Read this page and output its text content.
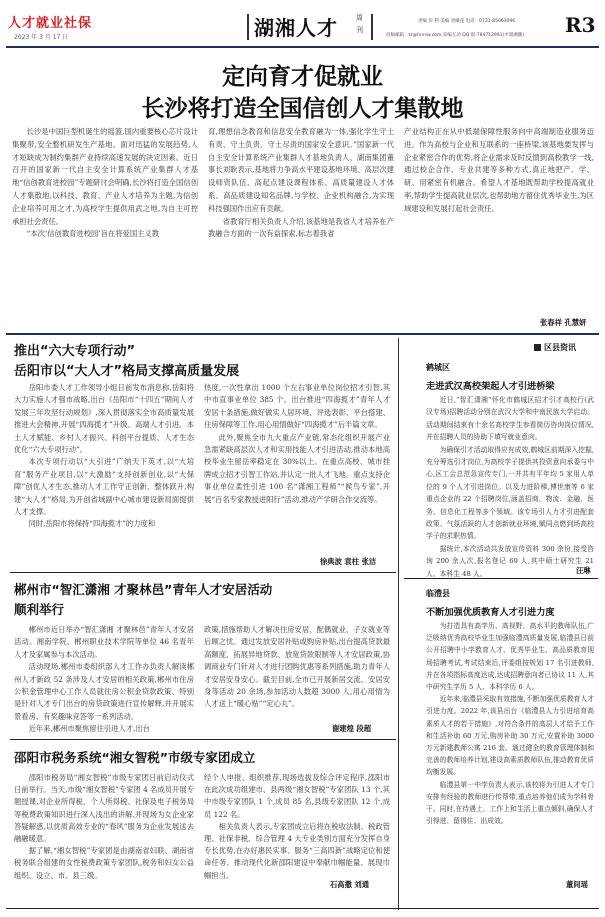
人才就业社保
2023 年 3 月 17 日	湖湘人才	周刊
责编 彭 利 美编 曾曦花 电话：0731-85063096
投稿邮箱：tz@hnrsw.com,采编互动 QQ 群:784712991(才溜湘潮) R3
定向育才促就业
长沙将打造全国信创人才集散地

长沙是中国巨型机诞生的摇篮,国内重要核心芯片设计集聚带,安全整机研发生产基地。面对迅猛的发展趋势,人才短缺成为制约集群产业持续高速发展的决定因素。近日召开的国家新一代自主安全计算系统产业集群人才基地“信创教育进校园”专题研讨会明确,长沙将打造全国信创人才集散地,以科技、教育、产业人才培养为主题,为信创企业培养可用之才,为高校学生提供用武之地,为自主可控承担社会责任。

“本次‘信创教育进校园’旨在将爱国主义教

育,理想信念教育和信息安全教育融为一体,强化学生守土有责、守土负责、守土尽责的国家安全意识。”国家新一代自主安全计算系统产业集群人才基地负责人、湖南集团董事长刘耿表示,基地将力争高水平建设基地环境、高层次建设师资队伍、高起点建设课程体系、高质量建设人才体系、高品质建设知名品牌,与学校、企业机构融合,为实现科技强国作出应有贡献。

省教育厅相关负责人介绍,该基地是我省人才培养在产教融合方面的一次有益探索,标志着我省

产业结构正在从中低端保障性服务向中高端制造业服务迈进。作为高校与企业和互联系的一座桥梁,该基地要发挥与企业紧密合作的优势,将企业需求及时反馈到高校教学一线,通过校企合作、专业共建等多种方式,真正地把产、学、研、用紧密有机融合。希望人才基地既帮助学校提高就业率,帮助学生提高就业层次,也帮助地方留住优秀毕业生,为区域建设和发展打起社会责任。

张春祥 孔慧妍
区县资讯
推出“六大专项行动”
岳阳市以“大人才”格局支撑高质量发展

岳阳市委人才工作领导小组日前发布消息称,岳阳将大力实施人才强市战略,出台《岳阳市“十四五”期间人才发展三年攻坚行动规划》,深入贯彻落实全市高质量发展推进大会精神,开展“四海揽才”升级、高端人才引进、本土人才赋能、乡村人才振兴、科创平台提质、人才生态优化“六大专项行动”。

本次专项行动以“大引进”广纳天下英才,以“大培育”服务产业项目,以“大激励”支持创新创业,以“大保障”创优人才生态,推动人才工作守正创新、整体跃升,构建“大人才”格局,为开创省域副中心城市建设新局面提供人才支撑。

同时,岳阳市将保持“四海揽才”的力度和

热度,一次性拿出 1000 个左右事业单位岗位招才引智,其中市直事业单位 385 个。出台推进“四海揽才”青年人才安居十条措施,做好做实人居环境、评选表彰、平台搭建、住房保障等工作,用心用情做好“四海揽才”后半篇文章。

此外,聚焦全市九大重点产业链,常态化组织开展产业急需紧缺高层次人才和实用技能人才引进活动,推动本地高校毕业生留岳率稳定在 30%以上。在重点高校、城市挂牌成立招才引智工作站,并认定一批人才飞地。重点支持企事业单位柔性引进 100 名“潇湘工程师”“候鸟专家”,开展“百名专家教授进阳行”活动,推动产学研合作交流等。

徐典波 袁柱 张洁
郴州市“智汇潇湘 才聚林邑”青年人才安居活动
顺利举行

郴州市近日举办“智汇潇湘 才聚林邑”青年人才安居活动。湘南学院、郴州职业技术学院等单位 46 名青年人才及家属参与本次活动。

活动现场,郴州市委组织部人才工作办负责人解读郴州人才新政 52 条涉及人才安居的相关政策,郴州市住房公积金管理中心工作人员就住房公积金贷款政策、特别是针对人才专门出台的房贷政策进行宣传解释,并开展实景看房、有奖趣味竞答等一系列活动。

近年来,郴州市聚焦留住引进人才,出台

政策,措施帮助人才解决住房安居、配偶就业、子女就业等后顾之忧。通过发放安居补贴或购房补贴,出台提高贷款最高额度、拓展异地贷款、放宽贷款限制等人才安居政策,协调商业专门针对人才进行团购优惠等系列措施,助力青年人才安居安身安心。截至目前,全市已开展新居交流、安居安身等活动 20 余场,参加活动人数超 3000 人,用心用情为人才送上“暖心贴”“定心丸”。

谢建煌 段超
邵阳市税务系统“湘女智税”市级专家团成立

邵阳市税务局“湘女智税”市级专家团日前启动仪式日前举行。当天,市级“湘女智税”专家团 4 名成员开展专题授课,对企业所得税、个人所得税、社保及电子税务局等税费政策知识进行深入浅出的讲解,并现场为女企业家答疑解惑,以优质高效专业的“春风”服务为企业发展送去融融暖意。

据了解,“湘女智税”专家团是由湖南省妇联、湖南省税务联合组建的女性税费政策专家团队,税务和妇女公益组织、设立、市、县三级。

经个人申报、组织推荐,现场选拔及综合评定程序,邵阳市在此次成功组建市、县两级“湘女智税”专家团队 13 个,其中市级专家团队 1 个,成员 85 名,县级专家团队 12 个,成员 122 名。

相关负责人表示,专家团成立后将在税收法制、税政管理、社保非税、综合管理 4 大专业类别方面充分发挥自身专长优势,在办好惠民实事、服务“三高四新”战略定位和使命任务、推动现代化新邵阳建设中奉献巾帼能量、展现巾帼担当。

石高撒 刘通
鹤城区
走进武汉高校架起人才引进桥梁

近日,“智汇潇湘”怀化市鹤城区招才引才高校行(武汉专场)招聘活动分别在武汉大学和中南民族大学启动。活动期间结束有十余名高校学生参看简历咨询岗位情况,并在招聘人员的协助下填写就业意向。

为确保引才活动取得应有成效,鹤城区前期深入挖掘,充分筹选引才岗位,为高校学子提供其投资意向承委与中心,区工会总范急宣传专门,一并共有平年均 5 家用人单位的 9 个人才引进岗位。以及力进阶梯,博世康等 6 家重点企业的 22 个招聘岗位,涵盖招商、物流、金融、医务、信息化工程等多个领域。该专场引人力才引进配套政策、气氛活跃的人才创新就业环境,赋同点燃到场高校学子的求职热情。

据统计,本次活动共发放宣传资料 300 余份,接受咨询 200 余人次,报名登记 69 人,其中硕士研究生 21 人、本科生 48 人。	汪琳
临澧县
不断加强优质教育人才引进力度

为打造具有高学历、高视野、高水平的教师队伍,广泛吸纳优秀高校毕业生加强临澧高质量发展,临澧县日前公开招聘中小学教育人才、优秀毕业生、高品质教育现场招聘考试,考试结束后,评委组按规划 17 名引进教师,并在各项指标高度达成,达成招聘意向者已协议 11 人,其中研究生学历 5 人、本科学历 6 人。

近年来,临澧县采取有效措施,不断加强优质教育人才引进力度。2022 年,该县出台《临澧县人力引进培育高素质人才的若干措施》,对符合条件的高层人才给予工作和生活补助 60 万元,购房补助 30 万元,安置补助 3000 万元新建教师公寓 216 套。通过健全的教育管理体制和完善的教师培养计划,建设高素质教师队伍,推动教育优质均衡发展。

临澧县第一中学负责人表示,该校将为引进人才专门安排有经验的教师进行传帮带,重点培养他们成为学科骨干。同时,在待遇上、工作上和生活上重点倾斜,确保人才引得进、留得住、出成效。

董间瑶
